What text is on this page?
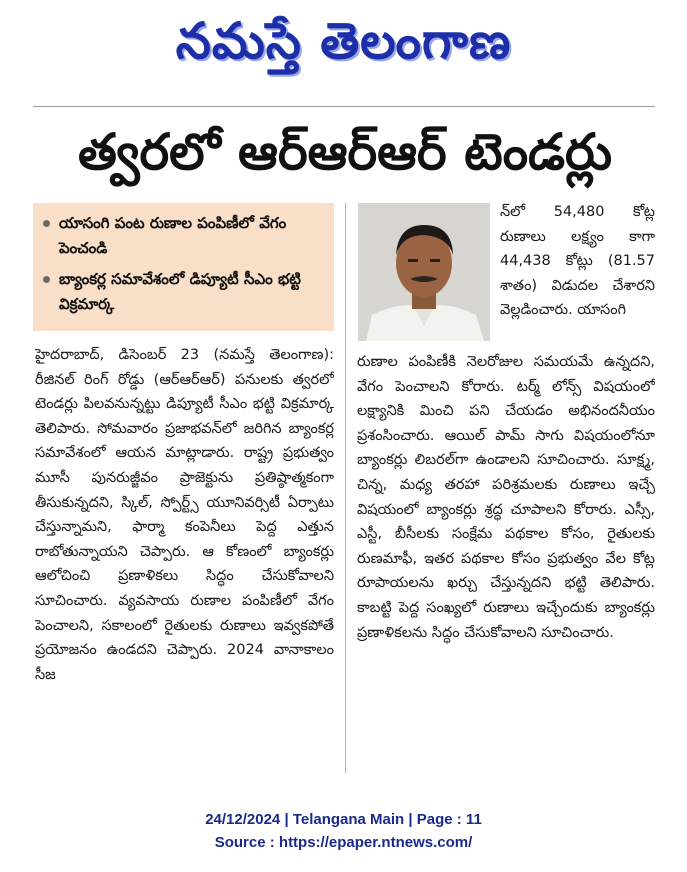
నమస్తే తెలంగాణ
త్వరలో ఆర్‌ఆర్‌ఆర్ టెండర్లు
యాసంగి పంట రుణాల పంపిణీలో వేగం పెంచండి
బ్యాంకర్ల సమావేశంలో డిప్యూటీ సీఎం భట్టి విక్రమార్క
న్‌లో 54,480 కోట్ల రుణాలు లక్ష్యం కాగా 44,438 కోట్లు (81.57 శాతం) విడుదల చేశారని వెల్లడించారు. యాసంగి
హైదరాబాద్, డిసెంబర్ 23 (నమస్తే తెలంగాణ): రీజినల్ రింగ్ రోడ్డు (ఆర్‌ఆర్‌ఆర్) పనులకు త్వరలో టెండర్లు పిలవనున్నట్టు డిప్యూటీ సీఎం భట్టి విక్రమార్క తెలిపారు. సోమవారం ప్రజాభవన్‌లో జరిగిన బ్యాంకర్ల సమావేశంలో ఆయన మాట్లాడారు. రాష్ట్ర ప్రభుత్వం మూసీ పునరుజ్జీవం ప్రాజెక్టును ప్రతిష్ఠాత్మకంగా తీసుకున్నదని, స్కిల్, స్పోర్ట్స్ యూనివర్సిటీ ఏర్పాటు చేస్తున్నామని, ఫార్మా కంపెనీలు పెద్ద ఎత్తున రాబోతున్నాయని చెప్పారు. ఆ కోణంలో బ్యాంకర్లు ఆలోచించి ప్రణాళికలు సిద్ధం చేసుకోవాలని సూచించారు. వ్యవసాయ రుణాల పంపిణీలో వేగం పెంచాలని, సకాలంలో రైతులకు రుణాలు ఇవ్వకపోతే ప్రయోజనం ఉండదని చెప్పారు. 2024 వానాకాలం సీజ
రుణాల పంపిణీకి నెలరోజుల సమయమే ఉన్నదని, వేగం పెంచాలని కోరారు. టర్మ్ లోన్స్ విషయంలో లక్ష్యానికి మించి పని చేయడం అభినందనీయం ప్రశంసించారు. ఆయిల్ పామ్ సాగు విషయంలోనూ బ్యాంకర్లు లిబరల్‌గా ఉండాలని సూచించారు. సూక్ష్మ, చిన్న, మధ్య తరహా పరిశ్రమలకు రుణాలు ఇచ్చే విషయంలో బ్యాంకర్లు శ్రద్ధ చూపాలని కోరారు. ఎస్సీ, ఎస్టీ, బీసీలకు సంక్షేమ పథకాల కోసం, రైతులకు రుణమాఫీ, ఇతర పథకాల కోసం ప్రభుత్వం వేల కోట్ల రూపాయలను ఖర్చు చేస్తున్నదని భట్టి తెలిపారు. కాబట్టి పెద్ద సంఖ్యలో రుణాలు ఇచ్చేందుకు బ్యాంకర్లు ప్రణాళికలను సిద్ధం చేసుకోవాలని సూచించారు.
24/12/2024 | Telangana Main | Page : 11
Source : https://epaper.ntnews.com/
